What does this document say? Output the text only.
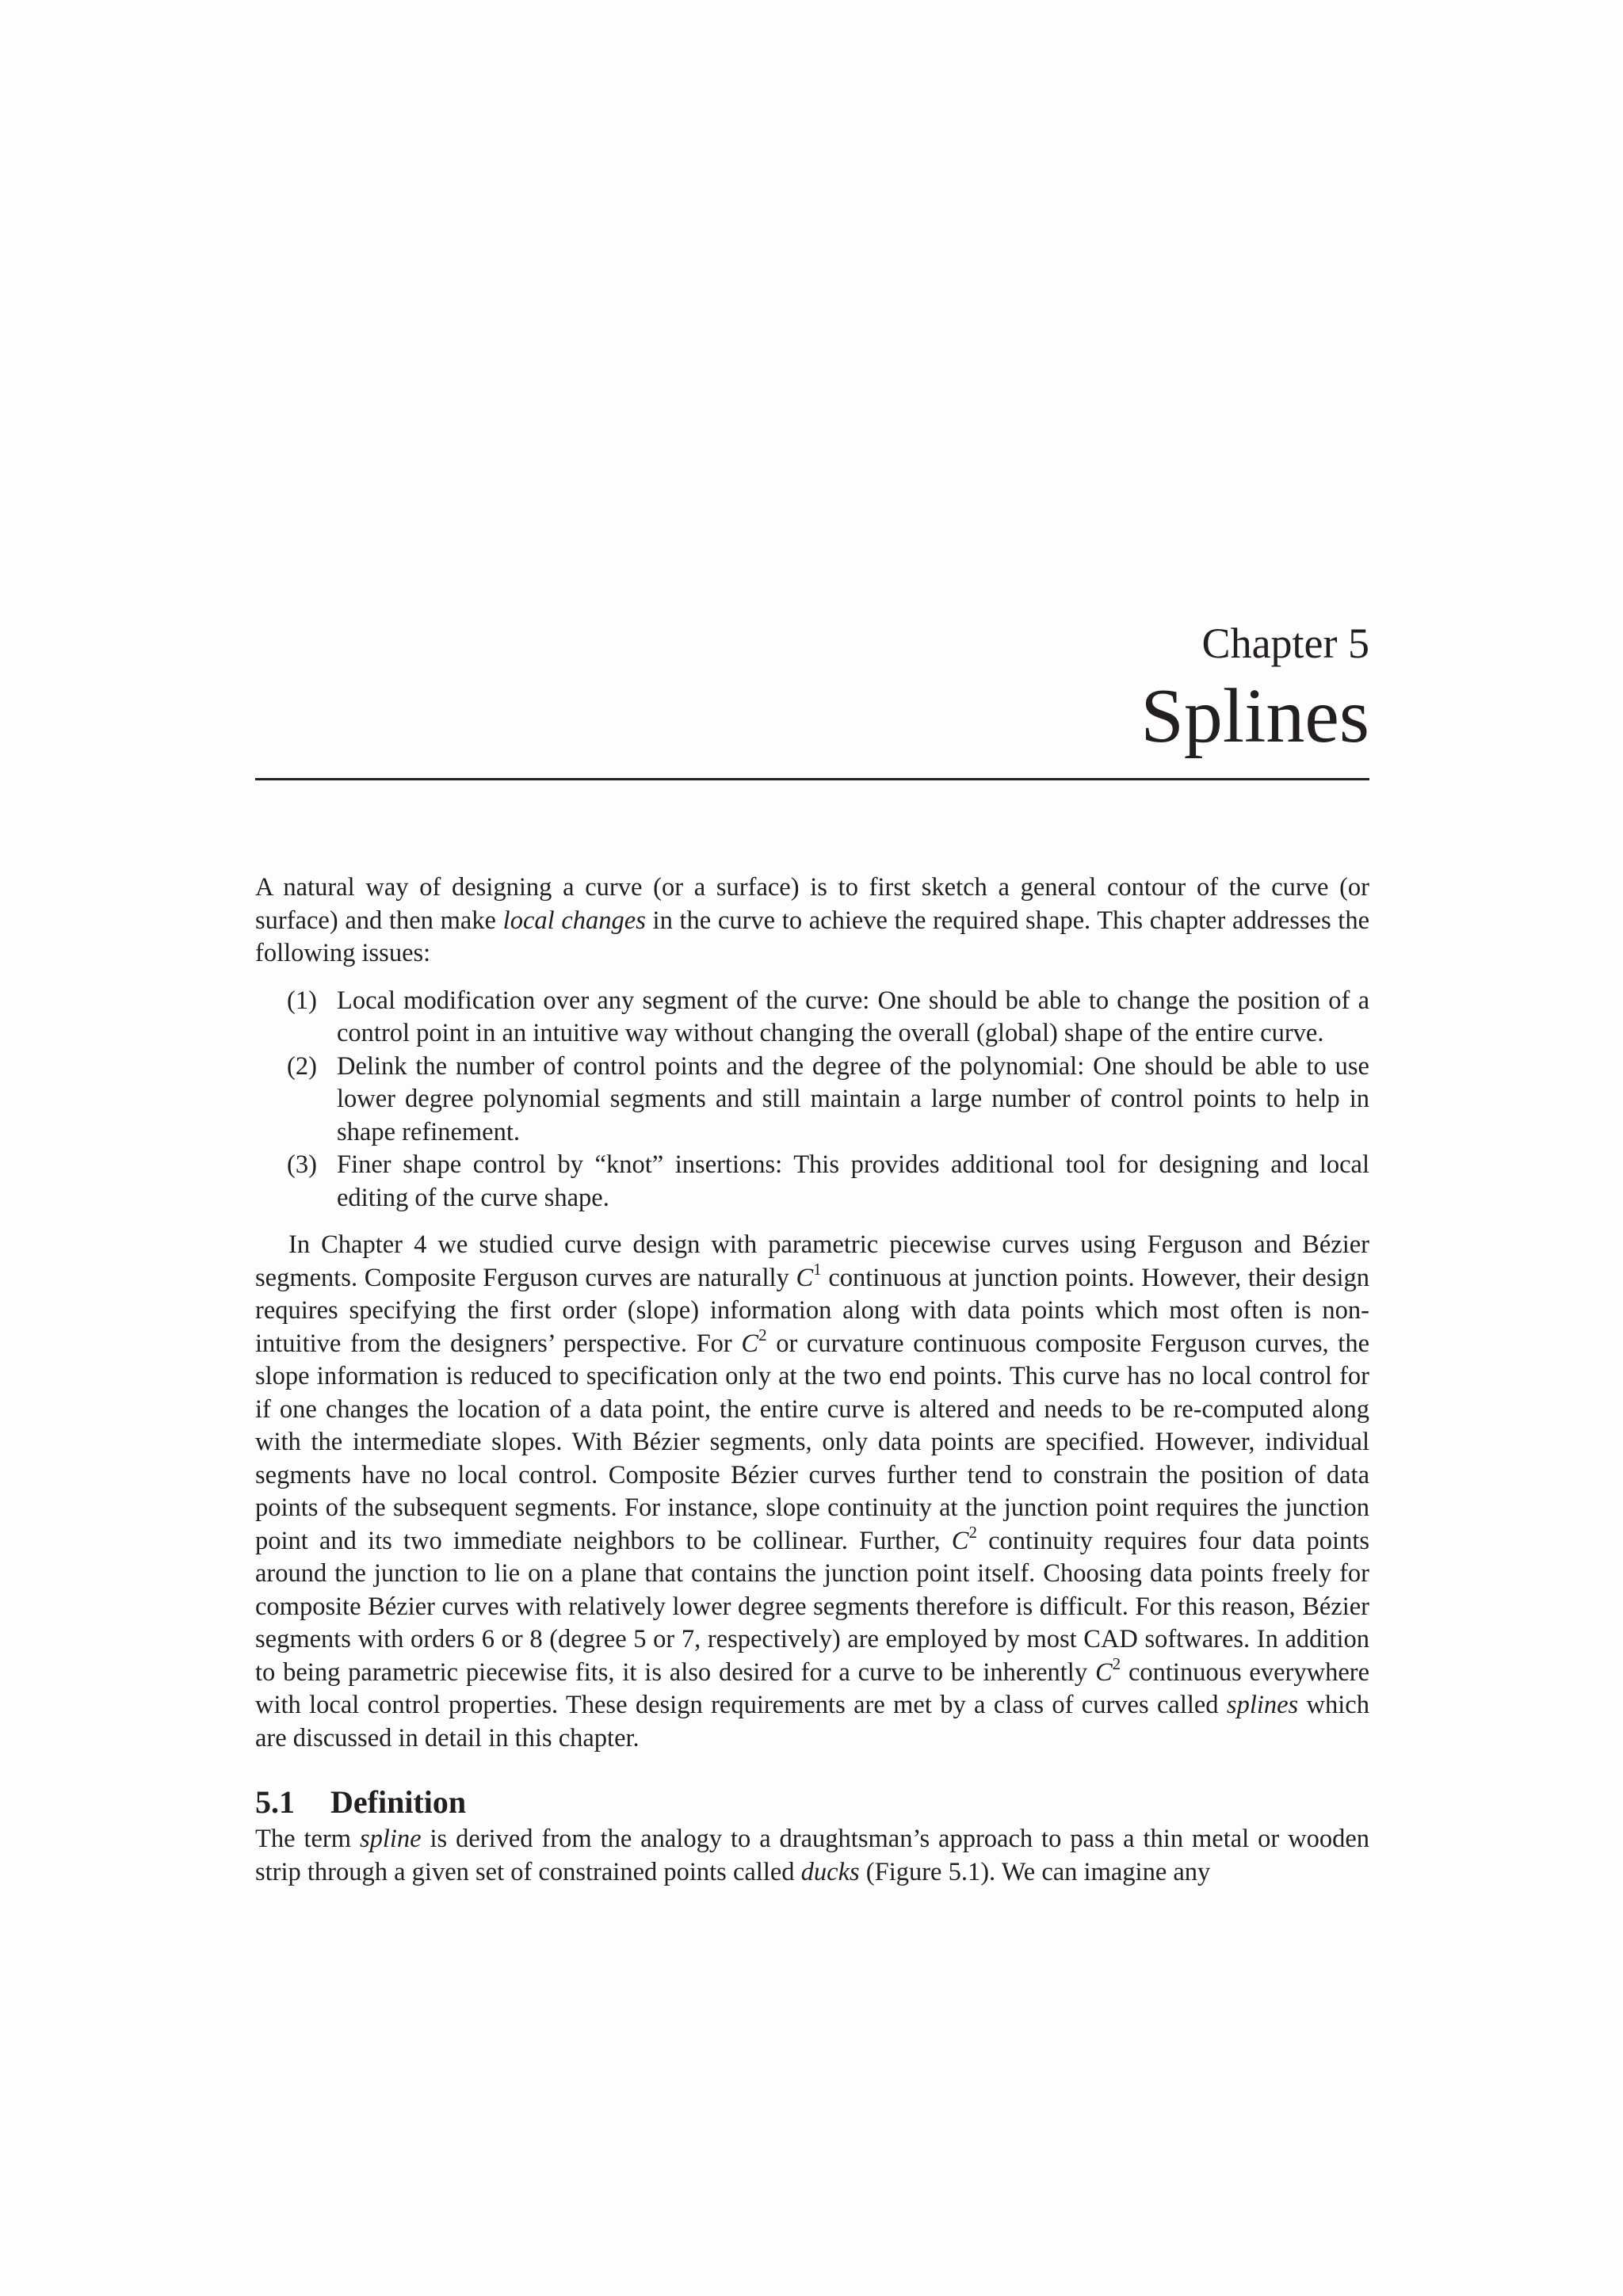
Chapter 5
Splines

A natural way of designing a curve (or a surface) is to first sketch a general contour of the curve (or surface) and then make local changes in the curve to achieve the required shape. This chapter addresses the following issues:

(1) Local modification over any segment of the curve: One should be able to change the position of a control point in an intuitive way without changing the overall (global) shape of the entire curve.
(2) Delink the number of control points and the degree of the polynomial: One should be able to use lower degree polynomial segments and still maintain a large number of control points to help in shape refinement.
(3) Finer shape control by “knot” insertions: This provides additional tool for designing and local editing of the curve shape.

In Chapter 4 we studied curve design with parametric piecewise curves using Ferguson and Bézier segments. Composite Ferguson curves are naturally $C^1$ continuous at junction points. However, their design requires specifying the first order (slope) information along with data points which most often is non-intuitive from the designers’ perspective. For $C^2$ or curvature continuous composite Ferguson curves, the slope information is reduced to specification only at the two end points. This curve has no local control for if one changes the location of a data point, the entire curve is altered and needs to be re-computed along with the intermediate slopes. With Bézier segments, only data points are specified. However, individual segments have no local control. Composite Bézier curves further tend to constrain the position of data points of the subsequent segments. For instance, slope continuity at the junction point requires the junction point and its two immediate neighbors to be collinear. Further, $C^2$ continuity requires four data points around the junction to lie on a plane that contains the junction point itself. Choosing data points freely for composite Bézier curves with relatively lower degree segments therefore is difficult. For this reason, Bézier segments with orders 6 or 8 (degree 5 or 7, respectively) are employed by most CAD softwares. In addition to being parametric piecewise fits, it is also desired for a curve to be inherently $C^2$ continuous everywhere with local control properties. These design requirements are met by a class of curves called splines which are discussed in detail in this chapter.

5.1 Definition

The term spline is derived from the analogy to a draughtsman’s approach to pass a thin metal or wooden strip through a given set of constrained points called ducks (Figure 5.1). We can imagine any
